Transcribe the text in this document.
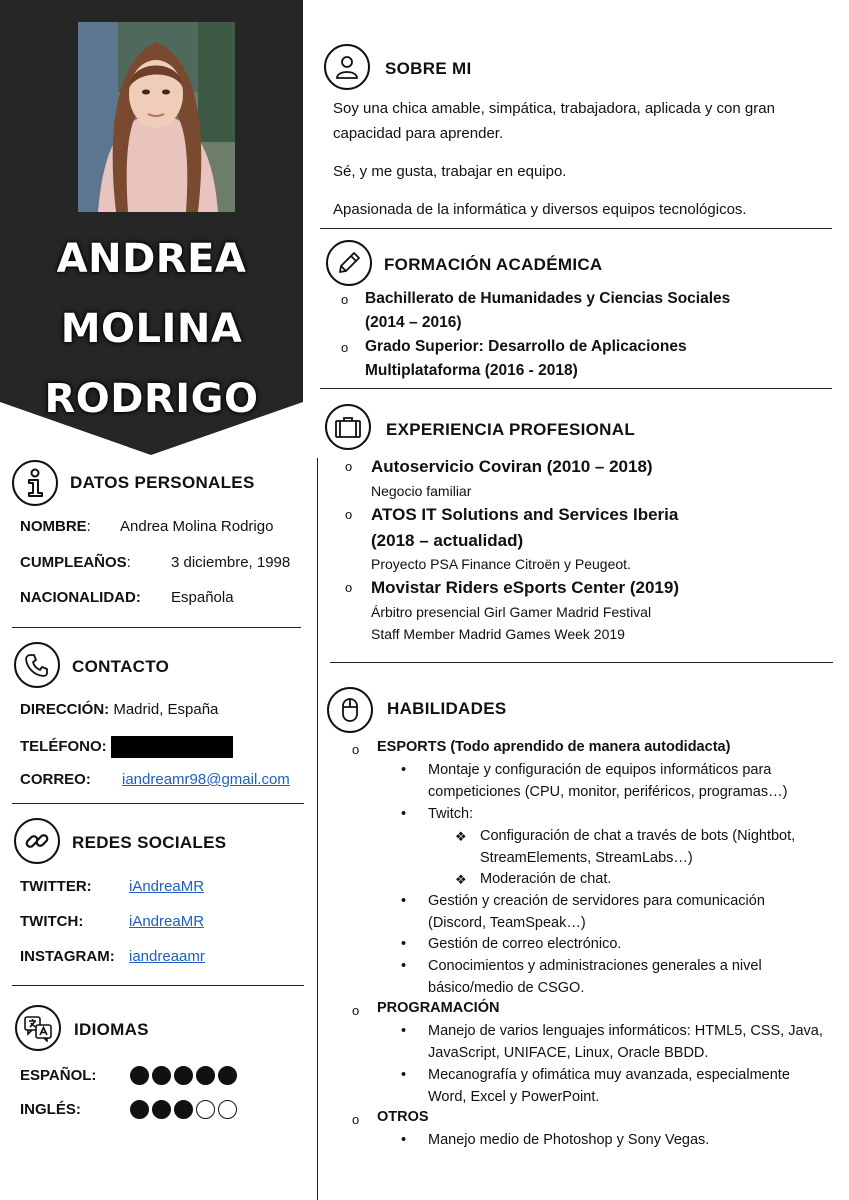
ANDREA
MOLINA
RODRIGO
DATOS PERSONALES
NOMBRE: Andrea Molina Rodrigo
CUMPLEAÑOS:	3 diciembre, 1998
NACIONALIDAD: Española
CONTACTO
DIRECCIÓN: Madrid, España
TELÉFONO:
CORREO: iandreamr98@gmail.com
REDES SOCIALES
TWITTER: iAndreaMR
TWITCH:	iAndreaMR
INSTAGRAM: iandreaamr
IDIOMAS
ESPAÑOL:
INGLÉS:
SOBRE MI
Soy una chica amable, simpática, trabajadora, aplicada y con gran
capacidad para aprender.
Sé, y me gusta, trabajar en equipo.
Apasionada de la informática y diversos equipos tecnológicos.
FORMACIÓN ACADÉMICA
o Bachillerato de Humanidades y Ciencias Sociales
(2014 – 2016)
o Grado Superior: Desarrollo de Aplicaciones
Multiplataforma (2016 - 2018)
EXPERIENCIA PROFESIONAL
o Autoservicio Coviran (2010 – 2018)
Negocio familiar
o ATOS IT Solutions and Services Iberia
(2018 – actualidad)
Proyecto PSA Finance Citroën y Peugeot.
o Movistar Riders eSports Center (2019)
Árbitro presencial Girl Gamer Madrid Festival
Staff Member Madrid Games Week 2019
HABILIDADES
o ESPORTS (Todo aprendido de manera autodidacta)
• Montaje y configuración de equipos informáticos para
competiciones (CPU, monitor, periféricos, programas…)
• Twitch:
❖ Configuración de chat a través de bots (Nightbot,
StreamElements, StreamLabs…)
❖ Moderación de chat.
• Gestión y creación de servidores para comunicación
(Discord, TeamSpeak…)
• Gestión de correo electrónico.
• Conocimientos y administraciones generales a nivel
básico/medio de CSGO.
o PROGRAMACIÓN
• Manejo de varios lenguajes informáticos: HTML5, CSS, Java,
JavaScript, UNIFACE, Linux, Oracle BBDD.
• Mecanografía y ofimática muy avanzada, especialmente
Word, Excel y PowerPoint.
o OTROS
• Manejo medio de Photoshop y Sony Vegas.
